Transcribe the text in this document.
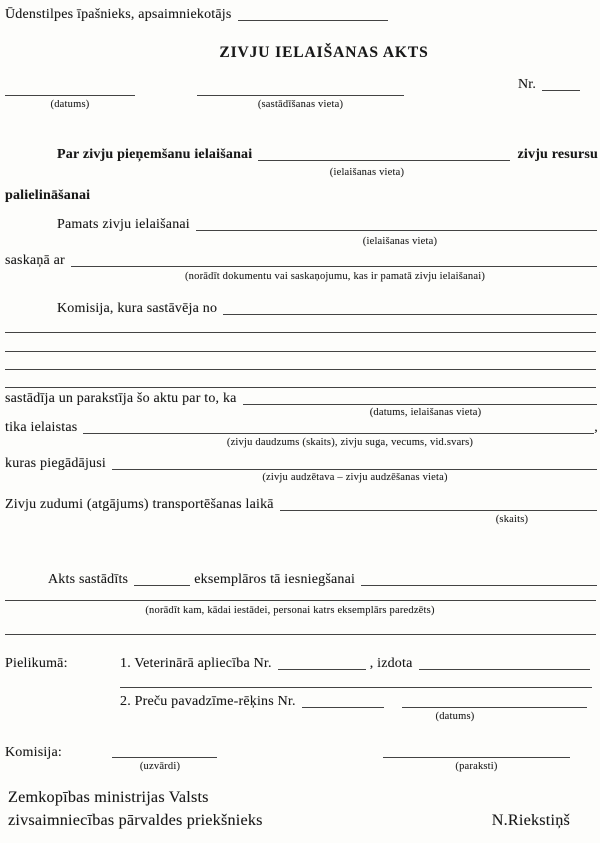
Ūdenstilpes īpašnieks, apsaimniekotājs
ZIVJU IELAIŠANAS AKTS
Nr.
(datums)	(sastādīšanas vieta)
Par zivju pieņemšanu ielaišanai	zivju resursu
(ielaišanas vieta)
palielināšanai
Pamats zivju ielaišanai
(ielaišanas vieta)
saskaņā ar
(norādīt dokumentu vai saskaņojumu, kas ir pamatā zivju ielaišanai)
Komisija, kura sastāvēja no
sastādīja un parakstīja šo aktu par to, ka
(datums, ielaišanas vieta)
tika ielaistas	,
(zivju daudzums (skaits), zivju suga, vecums, vid.svars)
kuras piegādājusi
(zivju audzētava – zivju audzēšanas vieta)
Zivju zudumi (atgājums) transportēšanas laikā
(skaits)
Akts sastādīts	eksemplāros tā iesniegšanai
(norādīt kam, kādai iestādei, personai katrs eksemplārs paredzēts)
Pielikumā:	1. Veterinārā apliecība Nr.	, izdota
2. Preču pavadzīme-rēķins Nr.
(datums)
Komisija:
(uzvārdi)	(paraksti)
Zemkopības ministrijas Valsts
zivsaimniecības pārvaldes priekšnieks	N.Riekstiņš
